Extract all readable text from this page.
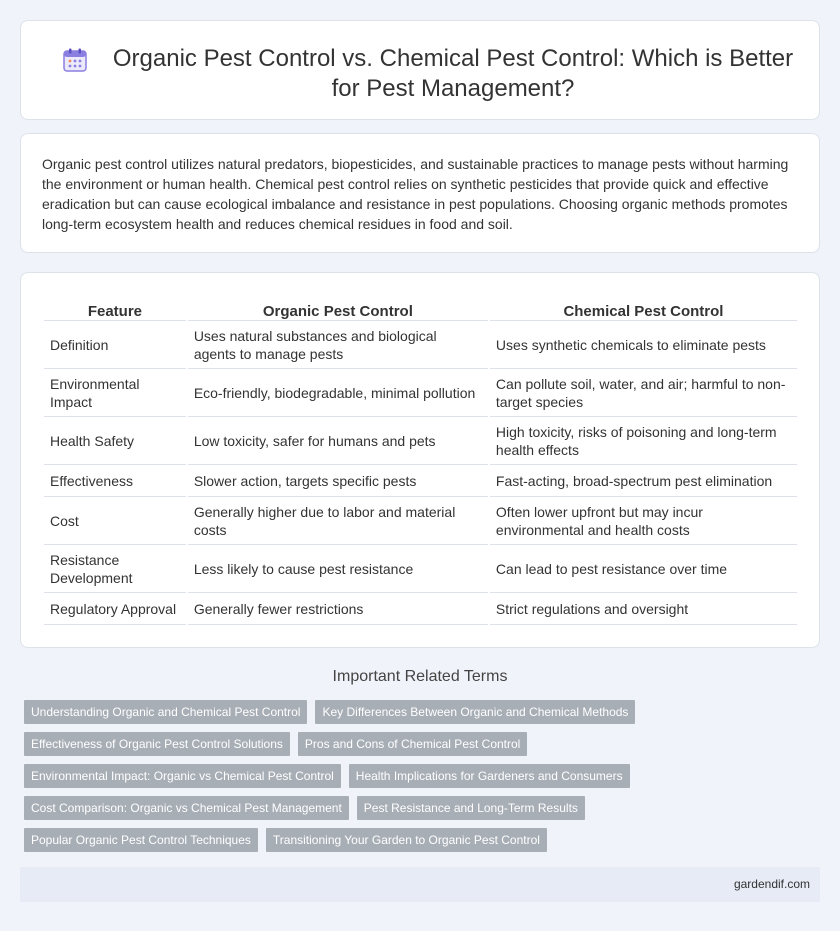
Organic Pest Control vs. Chemical Pest Control: Which is Better for Pest Management?

Organic pest control utilizes natural predators, biopesticides, and sustainable practices to manage pests without harming the environment or human health. Chemical pest control relies on synthetic pesticides that provide quick and effective eradication but can cause ecological imbalance and resistance in pest populations. Choosing organic methods promotes long-term ecosystem health and reduces chemical residues in food and soil.

Feature	Organic Pest Control	Chemical Pest Control
Definition	Uses natural substances and biological agents to manage pests	Uses synthetic chemicals to eliminate pests
Environmental Impact	Eco-friendly, biodegradable, minimal pollution	Can pollute soil, water, and air; harmful to non-target species
Health Safety	Low toxicity, safer for humans and pets	High toxicity, risks of poisoning and long-term health effects
Effectiveness	Slower action, targets specific pests	Fast-acting, broad-spectrum pest elimination
Cost	Generally higher due to labor and material costs	Often lower upfront but may incur environmental and health costs
Resistance Development	Less likely to cause pest resistance	Can lead to pest resistance over time
Regulatory Approval	Generally fewer restrictions	Strict regulations and oversight
Important Related Terms
Understanding Organic and Chemical Pest Control	Key Differences Between Organic and Chemical Methods
Effectiveness of Organic Pest Control Solutions	Pros and Cons of Chemical Pest Control
Environmental Impact: Organic vs Chemical Pest Control	Health Implications for Gardeners and Consumers
Cost Comparison: Organic vs Chemical Pest Management	Pest Resistance and Long-Term Results
Popular Organic Pest Control Techniques	Transitioning Your Garden to Organic Pest Control
gardendif.com
